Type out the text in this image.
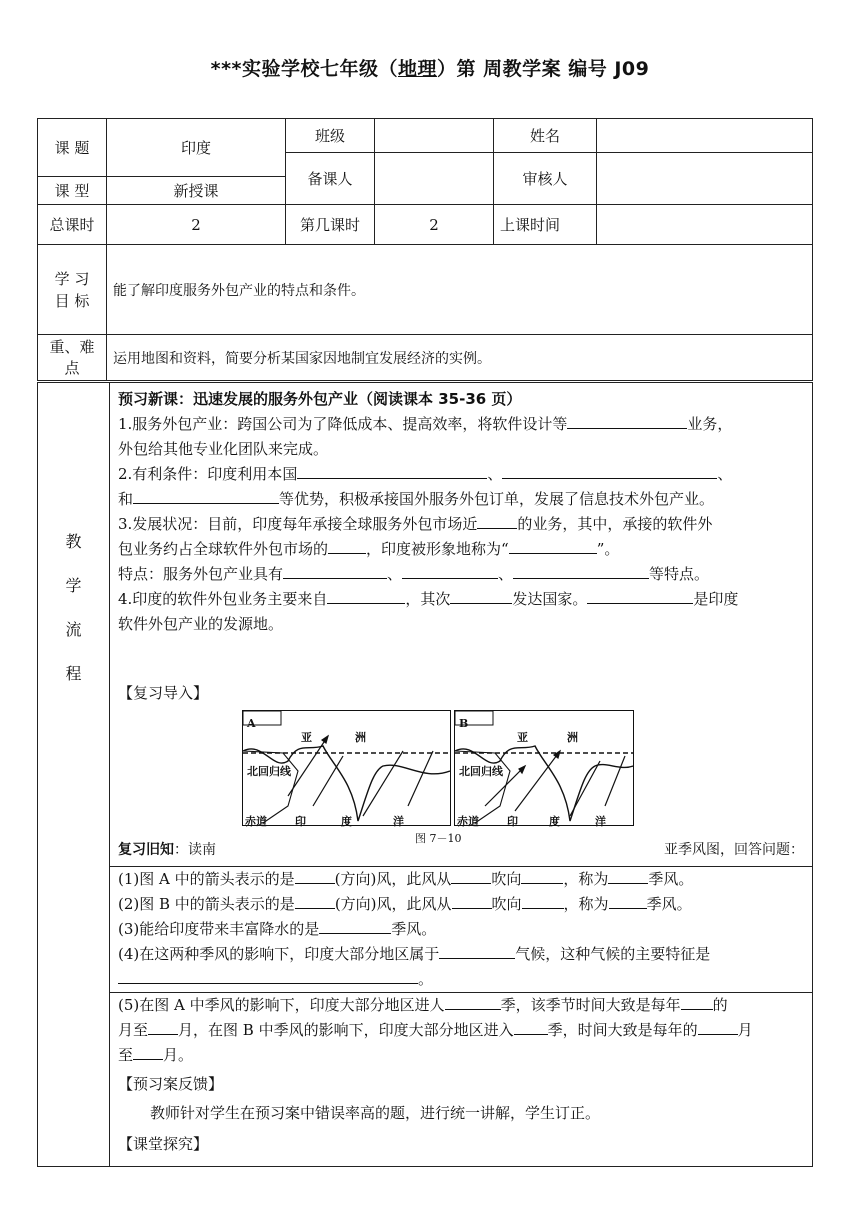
***实验学校七年级（地理）第 周教学案 编号 J09
课 题	印度	班级		姓名	
		备课人		审核人	
课 型	新授课				
总课时	2	第几课时	2	上课时间	
学 习
目 标	能了解印度服务外包产业的特点和条件。				
重、难
点	运用地图和资料，简要分析某国家因地制宜发展经济的实例。				
教
学
流
程
预习新课：迅速发展的服务外包产业（阅读课本 35-36 页）
1.服务外包产业：跨国公司为了降低成本、提高效率，将软件设计等	业务，
外包给其他专业化团队来完成。
2.有利条件：印度利用本国	、	、
和	等优势，积极承接国外服务外包订单，发展了信息技术外包产业。
3.发展状况：目前，印度每年承接全球服务外包市场近	的业务，其中，承接的软件外
包业务约占全球软件外包市场的	，印度被形象地称为“	”。
特点：服务外包产业具有	、	、	等特点。
4.印度的软件外包业务主要来自	，其次	发达国家。	是印度
软件外包产业的发源地。
【复习导入】
A
亚	洲
北回归线
赤道	印	度	洋
B
亚	洲
北回归线
赤道	印	度	洋
图 7－10
复习旧知：读南	亚季风图，回答问题：
(1)图 A 中的箭头表示的是	(方向)风，此风从	吹向	，称为	季风。
(2)图 B 中的箭头表示的是	(方向)风，此风从	吹向	，称为	季风。
(3)能给印度带来丰富降水的是	季风。
(4)在这两种季风的影响下，印度大部分地区属于	气候，这种气候的主要特征是
。
(5)在图 A 中季风的影响下，印度大部分地区进人	季，该季节时间大致是每年 的
月至 月，在图 B 中季风的影响下，印度大部分地区进入 季，时间大致是每年的	月
至 月。
【预习案反馈】
教师针对学生在预习案中错误率高的题，进行统一讲解，学生订正。
【课堂探究】
